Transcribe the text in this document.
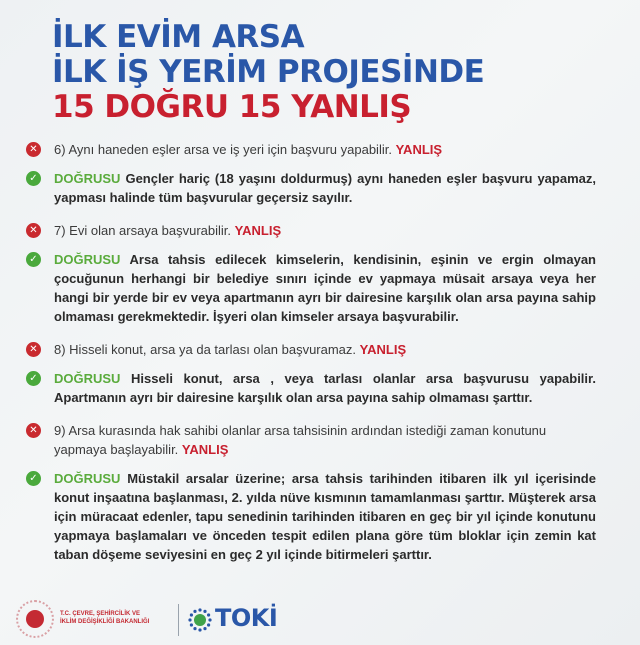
İLK EVİM ARSA
İLK İŞ YERİM PROJESİNDE
15 DOĞRU 15 YANLIŞ
✕ 6) Aynı haneden eşler arsa ve iş yeri için başvuru yapabilir. YANLIŞ
✓ DOĞRUSU Gençler hariç (18 yaşını doldurmuş) aynı haneden eşler başvuru yapamaz, yapması halinde tüm başvurular geçersiz sayılır.
✕ 7) Evi olan arsaya başvurabilir. YANLIŞ
✓ DOĞRUSU Arsa tahsis edilecek kimselerin, kendisinin, eşinin ve ergin olmayan çocuğunun herhangi bir belediye sınırı içinde ev yapmaya müsait arsaya veya her hangi bir yerde bir ev veya apartmanın ayrı bir dairesine karşılık olan arsa payına sahip olmaması gerekmektedir. İşyeri olan kimseler arsaya başvurabilir.
✕ 8) Hisseli konut, arsa ya da tarlası olan başvuramaz. YANLIŞ
✓ DOĞRUSU Hisseli konut, arsa , veya tarlası olanlar arsa başvurusu yapabilir. Apartmanın ayrı bir dairesine karşılık olan arsa payına sahip olmaması şarttır.
✕ 9) Arsa kurasında hak sahibi olanlar arsa tahsisinin ardından istediği zaman konutunu yapmaya başlayabilir. YANLIŞ
✓ DOĞRUSU Müstakil arsalar üzerine; arsa tahsis tarihinden itibaren ilk yıl içerisinde konut inşaatına başlanması, 2. yılda nüve kısmının tamamlanması şarttır. Müşterek arsa için müracaat edenler, tapu senedinin tarihinden itibaren en geç bir yıl içinde konutunu yapmaya başlamaları ve önceden tespit edilen plana göre tüm bloklar için zemin kat taban döşeme seviyesini en geç 2 yıl içinde bitirmeleri şarttır.
T.C. ÇEVRE, ŞEHİRCİLİK VE
İKLİM DEĞİŞİKLİĞİ BAKANLIĞI	TOKİ
